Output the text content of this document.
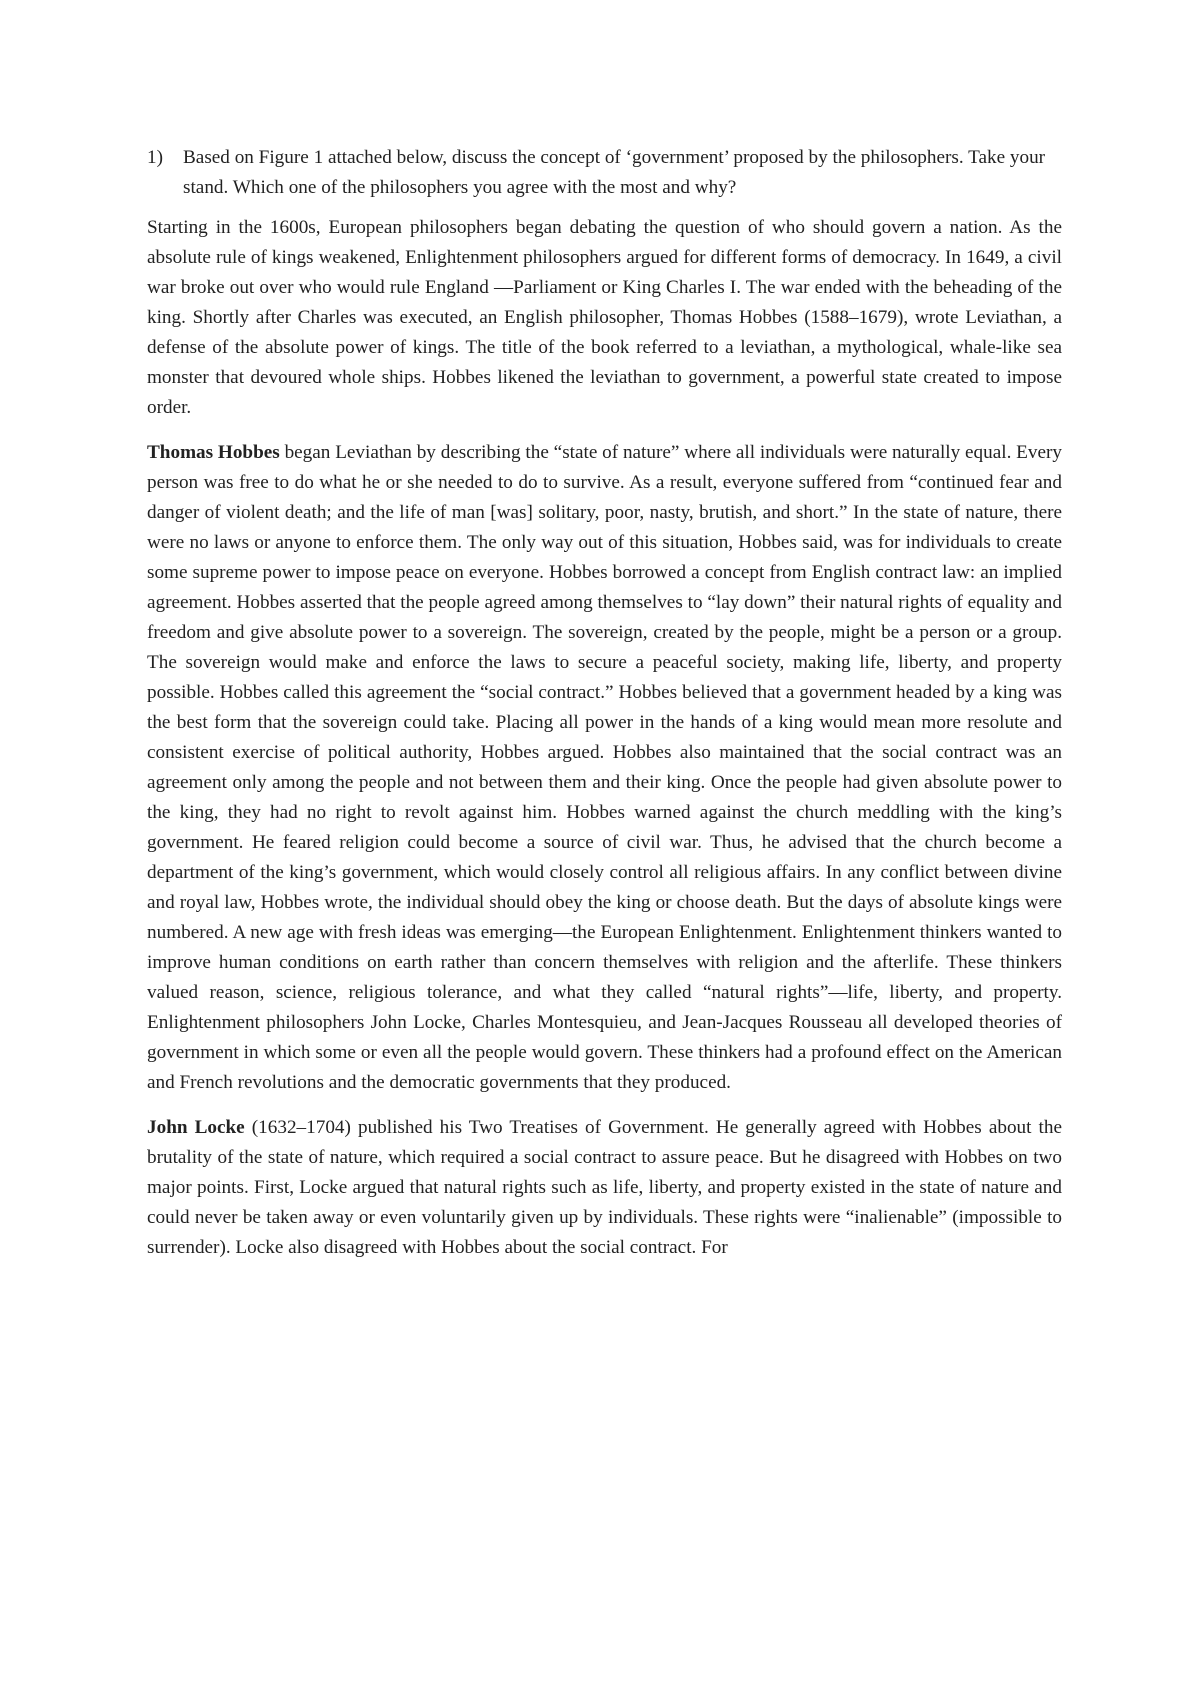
1)	Based on Figure 1 attached below, discuss the concept of ‘government’ proposed by the philosophers. Take your stand. Which one of the philosophers you agree with the most and why?

Starting in the 1600s, European philosophers began debating the question of who should govern a nation. As the absolute rule of kings weakened, Enlightenment philosophers argued for different forms of democracy. In 1649, a civil war broke out over who would rule England —Parliament or King Charles I. The war ended with the beheading of the king. Shortly after Charles was executed, an English philosopher, Thomas Hobbes (1588–1679), wrote Leviathan, a defense of the absolute power of kings. The title of the book referred to a leviathan, a mythological, whale-like sea monster that devoured whole ships. Hobbes likened the leviathan to government, a powerful state created to impose order.

Thomas Hobbes began Leviathan by describing the “state of nature” where all individuals were naturally equal. Every person was free to do what he or she needed to do to survive. As a result, everyone suffered from “continued fear and danger of violent death; and the life of man [was] solitary, poor, nasty, brutish, and short.” In the state of nature, there were no laws or anyone to enforce them. The only way out of this situation, Hobbes said, was for individuals to create some supreme power to impose peace on everyone. Hobbes borrowed a concept from English contract law: an implied agreement. Hobbes asserted that the people agreed among themselves to “lay down” their natural rights of equality and freedom and give absolute power to a sovereign. The sovereign, created by the people, might be a person or a group. The sovereign would make and enforce the laws to secure a peaceful society, making life, liberty, and property possible. Hobbes called this agreement the “social contract.” Hobbes believed that a government headed by a king was the best form that the sovereign could take. Placing all power in the hands of a king would mean more resolute and consistent exercise of political authority, Hobbes argued. Hobbes also maintained that the social contract was an agreement only among the people and not between them and their king. Once the people had given absolute power to the king, they had no right to revolt against him. Hobbes warned against the church meddling with the king’s government. He feared religion could become a source of civil war. Thus, he advised that the church become a department of the king’s government, which would closely control all religious affairs. In any conflict between divine and royal law, Hobbes wrote, the individual should obey the king or choose death. But the days of absolute kings were numbered. A new age with fresh ideas was emerging—the European Enlightenment. Enlightenment thinkers wanted to improve human conditions on earth rather than concern themselves with religion and the afterlife. These thinkers valued reason, science, religious tolerance, and what they called “natural rights”—life, liberty, and property. Enlightenment philosophers John Locke, Charles Montesquieu, and Jean-Jacques Rousseau all developed theories of government in which some or even all the people would govern. These thinkers had a profound effect on the American and French revolutions and the democratic governments that they produced.

John Locke (1632–1704) published his Two Treatises of Government. He generally agreed with Hobbes about the brutality of the state of nature, which required a social contract to assure peace. But he disagreed with Hobbes on two major points. First, Locke argued that natural rights such as life, liberty, and property existed in the state of nature and could never be taken away or even voluntarily given up by individuals. These rights were “inalienable” (impossible to surrender). Locke also disagreed with Hobbes about the social contract. For
